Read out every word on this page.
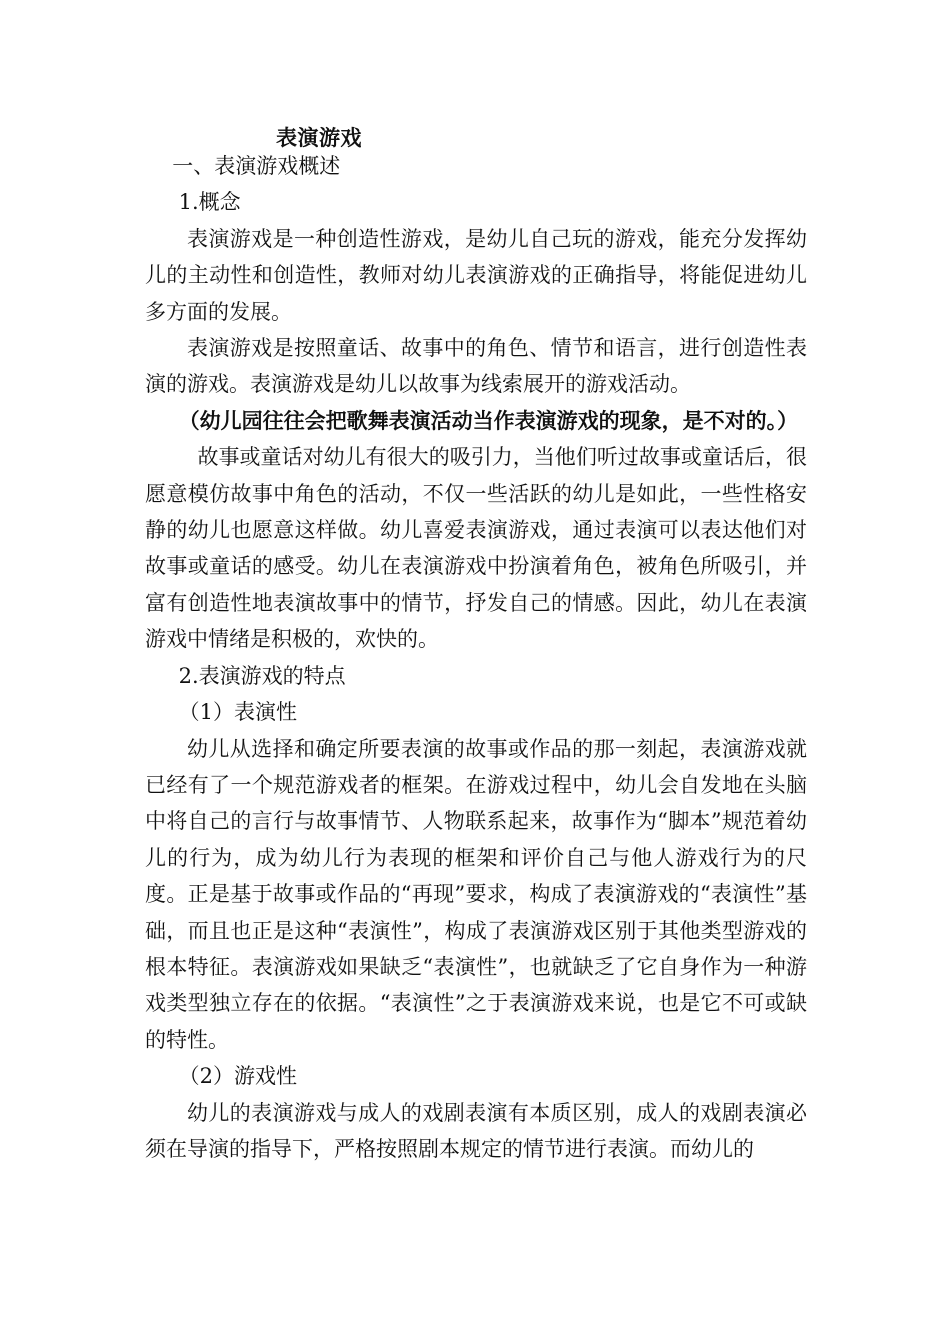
表演游戏

一、表演游戏概述

1.概念

表演游戏是一种创造性游戏，是幼儿自己玩的游戏，能充分发挥幼儿的主动性和创造性，教师对幼儿表演游戏的正确指导，将能促进幼儿多方面的发展。

表演游戏是按照童话、故事中的角色、情节和语言，进行创造性表演的游戏。表演游戏是幼儿以故事为线索展开的游戏活动。

（幼儿园往往会把歌舞表演活动当作表演游戏的现象，是不对的。）

故事或童话对幼儿有很大的吸引力，当他们听过故事或童话后，很愿意模仿故事中角色的活动，不仅一些活跃的幼儿是如此，一些性格安静的幼儿也愿意这样做。幼儿喜爱表演游戏，通过表演可以表达他们对故事或童话的感受。幼儿在表演游戏中扮演着角色，被角色所吸引，并富有创造性地表演故事中的情节，抒发自己的情感。因此，幼儿在表演游戏中情绪是积极的，欢快的。

2.表演游戏的特点

（1）表演性

幼儿从选择和确定所要表演的故事或作品的那一刻起，表演游戏就已经有了一个规范游戏者的框架。在游戏过程中，幼儿会自发地在头脑中将自己的言行与故事情节、人物联系起来，故事作为“脚本”规范着幼儿的行为，成为幼儿行为表现的框架和评价自己与他人游戏行为的尺度。正是基于故事或作品的“再现”要求，构成了表演游戏的“表演性”基础，而且也正是这种“表演性”，构成了表演游戏区别于其他类型游戏的根本特征。表演游戏如果缺乏“表演性”，也就缺乏了它自身作为一种游戏类型独立存在的依据。“表演性”之于表演游戏来说，也是它不可或缺的特性。

（2）游戏性

幼儿的表演游戏与成人的戏剧表演有本质区别，成人的戏剧表演必须在导演的指导下，严格按照剧本规定的情节进行表演。而幼儿的
